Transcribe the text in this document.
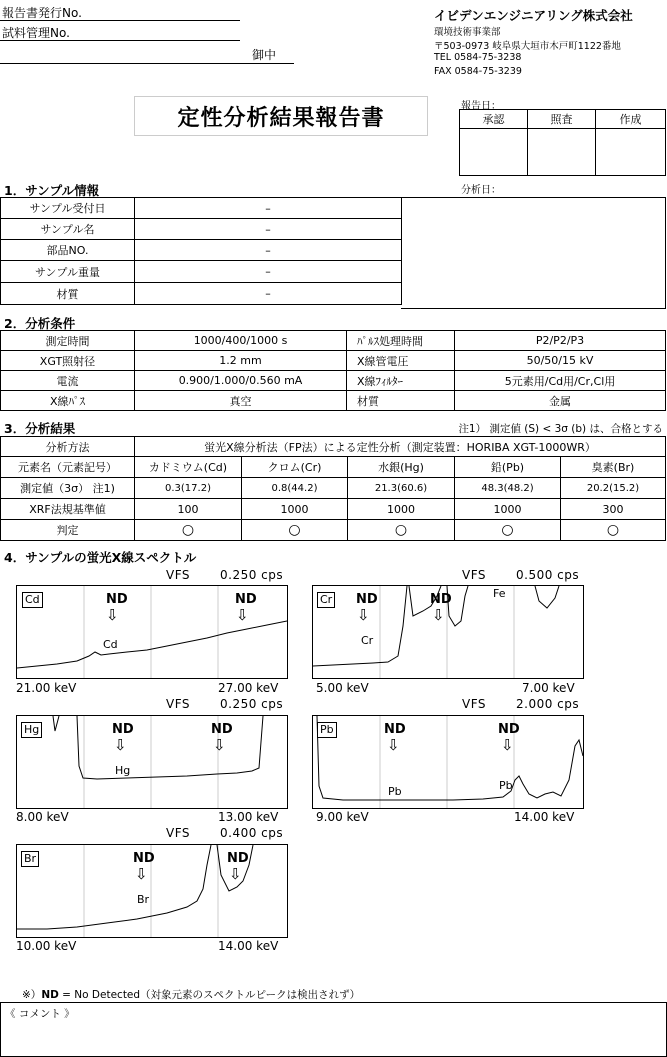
報告書発行No.
試料管理No.
御中
イビデンエンジニアリング株式会社
環境技術事業部
〒503-0973 岐阜県大垣市木戸町1122番地
TEL 0584-75-3238
FAX 0584-75-3239
定性分析結果報告書	報告日：
承認	照査	作成

分析日：
1．サンプル情報
サンプル受付日	–
サンプル名	–
部品NO.	–
サンプル重量	–
材質	–
2．分析条件
測定時間	1000/400/1000 s	ﾊﾟﾙｽ処理時間	P2/P2/P3
XGT照射径	1.2 mm	X線管電圧	50/50/15 kV
電流	0.900/1.000/0.560 mA	X線ﾌｨﾙﾀｰ	5元素用/Cd用/Cr,Cl用
X線ﾊﾟｽ	真空	材質	金属
3．分析結果	注1） 測定値 (S) < 3σ (b) は、合格とする
分析方法	蛍光X線分析法（FP法）による定性分析（測定装置：HORIBA XGT-1000WR）				
元素名（元素記号）	カドミウム(Cd)	クロム(Cr)	水銀(Hg)	鉛(Pb)	臭素(Br)
測定値（3σ） 注1)	0.3(17.2)	0.8(44.2)	21.3(60.6)	48.3(48.2)	20.2(15.2)
XRF法規基準値	100	1000	1000	1000	300
判定	○	○	○	○	○
4．サンプルの蛍光X線スペクトル
VFS 0.250 cps
Cd	ND	ND
⇩	⇩
Cd
21.00 keV	27.00 keV
VFS 0.500 cps
Cr ND	ND
⇩	⇩
Cr
Fe
5.00 keV	7.00 keV
VFS 0.250 cps
Hg	ND	ND
⇩	⇩
Hg
8.00 keV	13.00 keV
VFS 2.000 cps
Pb	ND	ND
⇩	⇩
Pb	Pb
9.00 keV	14.00 keV
VFS 0.400 cps
Br	ND	ND
⇩	⇩
Br
10.00 keV	14.00 keV
※）ND = No Detected（対象元素のスペクトルピークは検出されず）
《 コメント 》
